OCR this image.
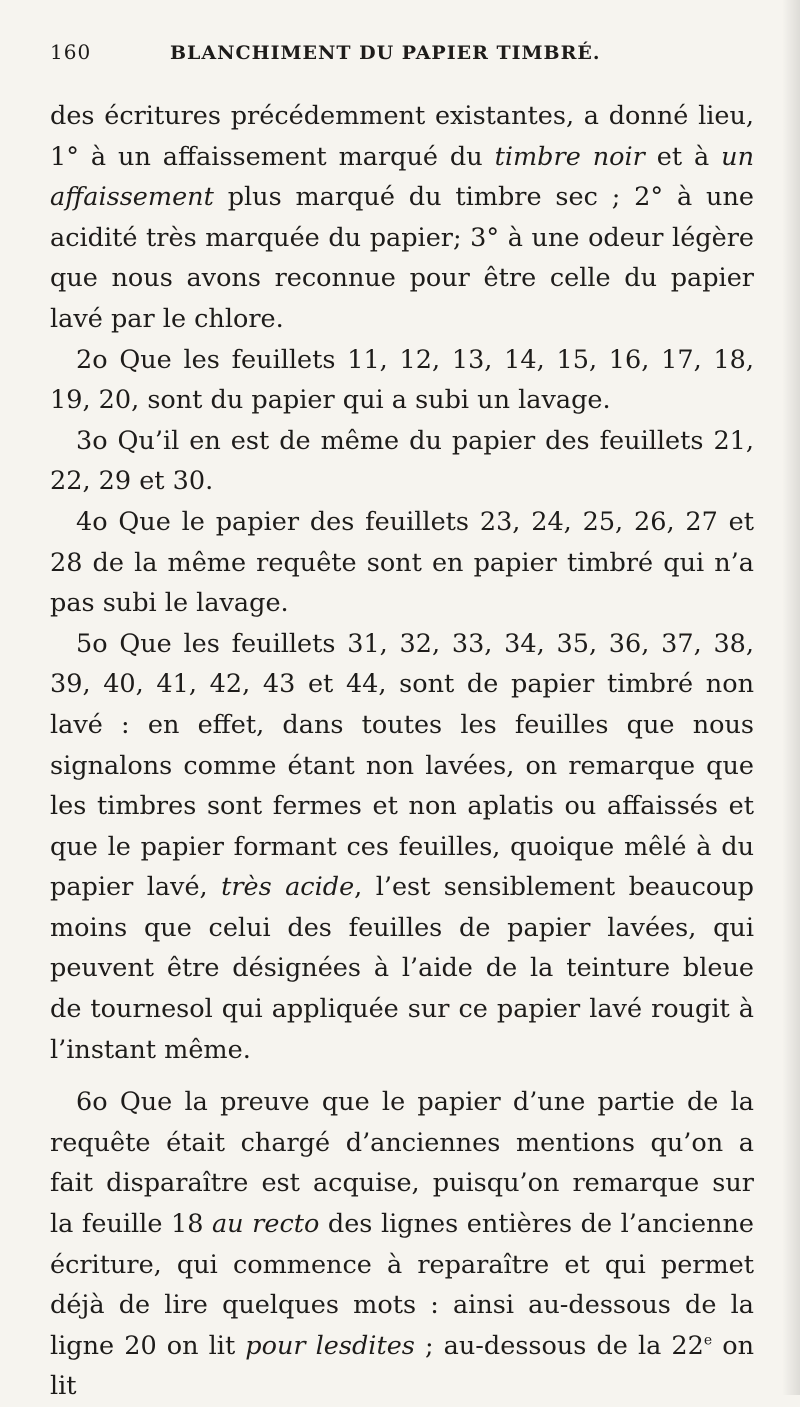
160	BLANCHIMENT DU PAPIER TIMBRÉ.

des écritures précédemment existantes, a donné lieu, 1° à un affaissement marqué du timbre noir et à un affaissement plus marqué du timbre sec ; 2° à une acidité très marquée du papier; 3° à une odeur légère que nous avons reconnue pour être celle du papier lavé par le chlore.

2o Que les feuillets 11, 12, 13, 14, 15, 16, 17, 18, 19, 20, sont du papier qui a subi un lavage.

3o Qu’il en est de même du papier des feuillets 21, 22, 29 et 30.

4o Que le papier des feuillets 23, 24, 25, 26, 27 et 28 de la même requête sont en papier timbré qui n’a pas subi le lavage.

5o Que les feuillets 31, 32, 33, 34, 35, 36, 37, 38, 39, 40, 41, 42, 43 et 44, sont de papier timbré non lavé : en effet, dans toutes les feuilles que nous signalons comme étant non lavées, on remarque que les timbres sont fermes et non aplatis ou affaissés et que le papier formant ces feuilles, quoique mêlé à du papier lavé, très acide, l’est sensiblement beaucoup moins que celui des feuilles de papier lavées, qui peuvent être désignées à l’aide de la teinture bleue de tournesol qui appliquée sur ce papier lavé rougit à l’instant même.

6o Que la preuve que le papier d’une partie de la requête était chargé d’anciennes mentions qu’on a fait disparaître est acquise, puisqu’on remarque sur la feuille 18 au recto des lignes entières de l’ancienne écriture, qui commence à reparaître et qui permet déjà de lire quelques mots : ainsi au-dessous de la ligne 20 on lit pour lesdites ; au-dessous de la 22e on lit
